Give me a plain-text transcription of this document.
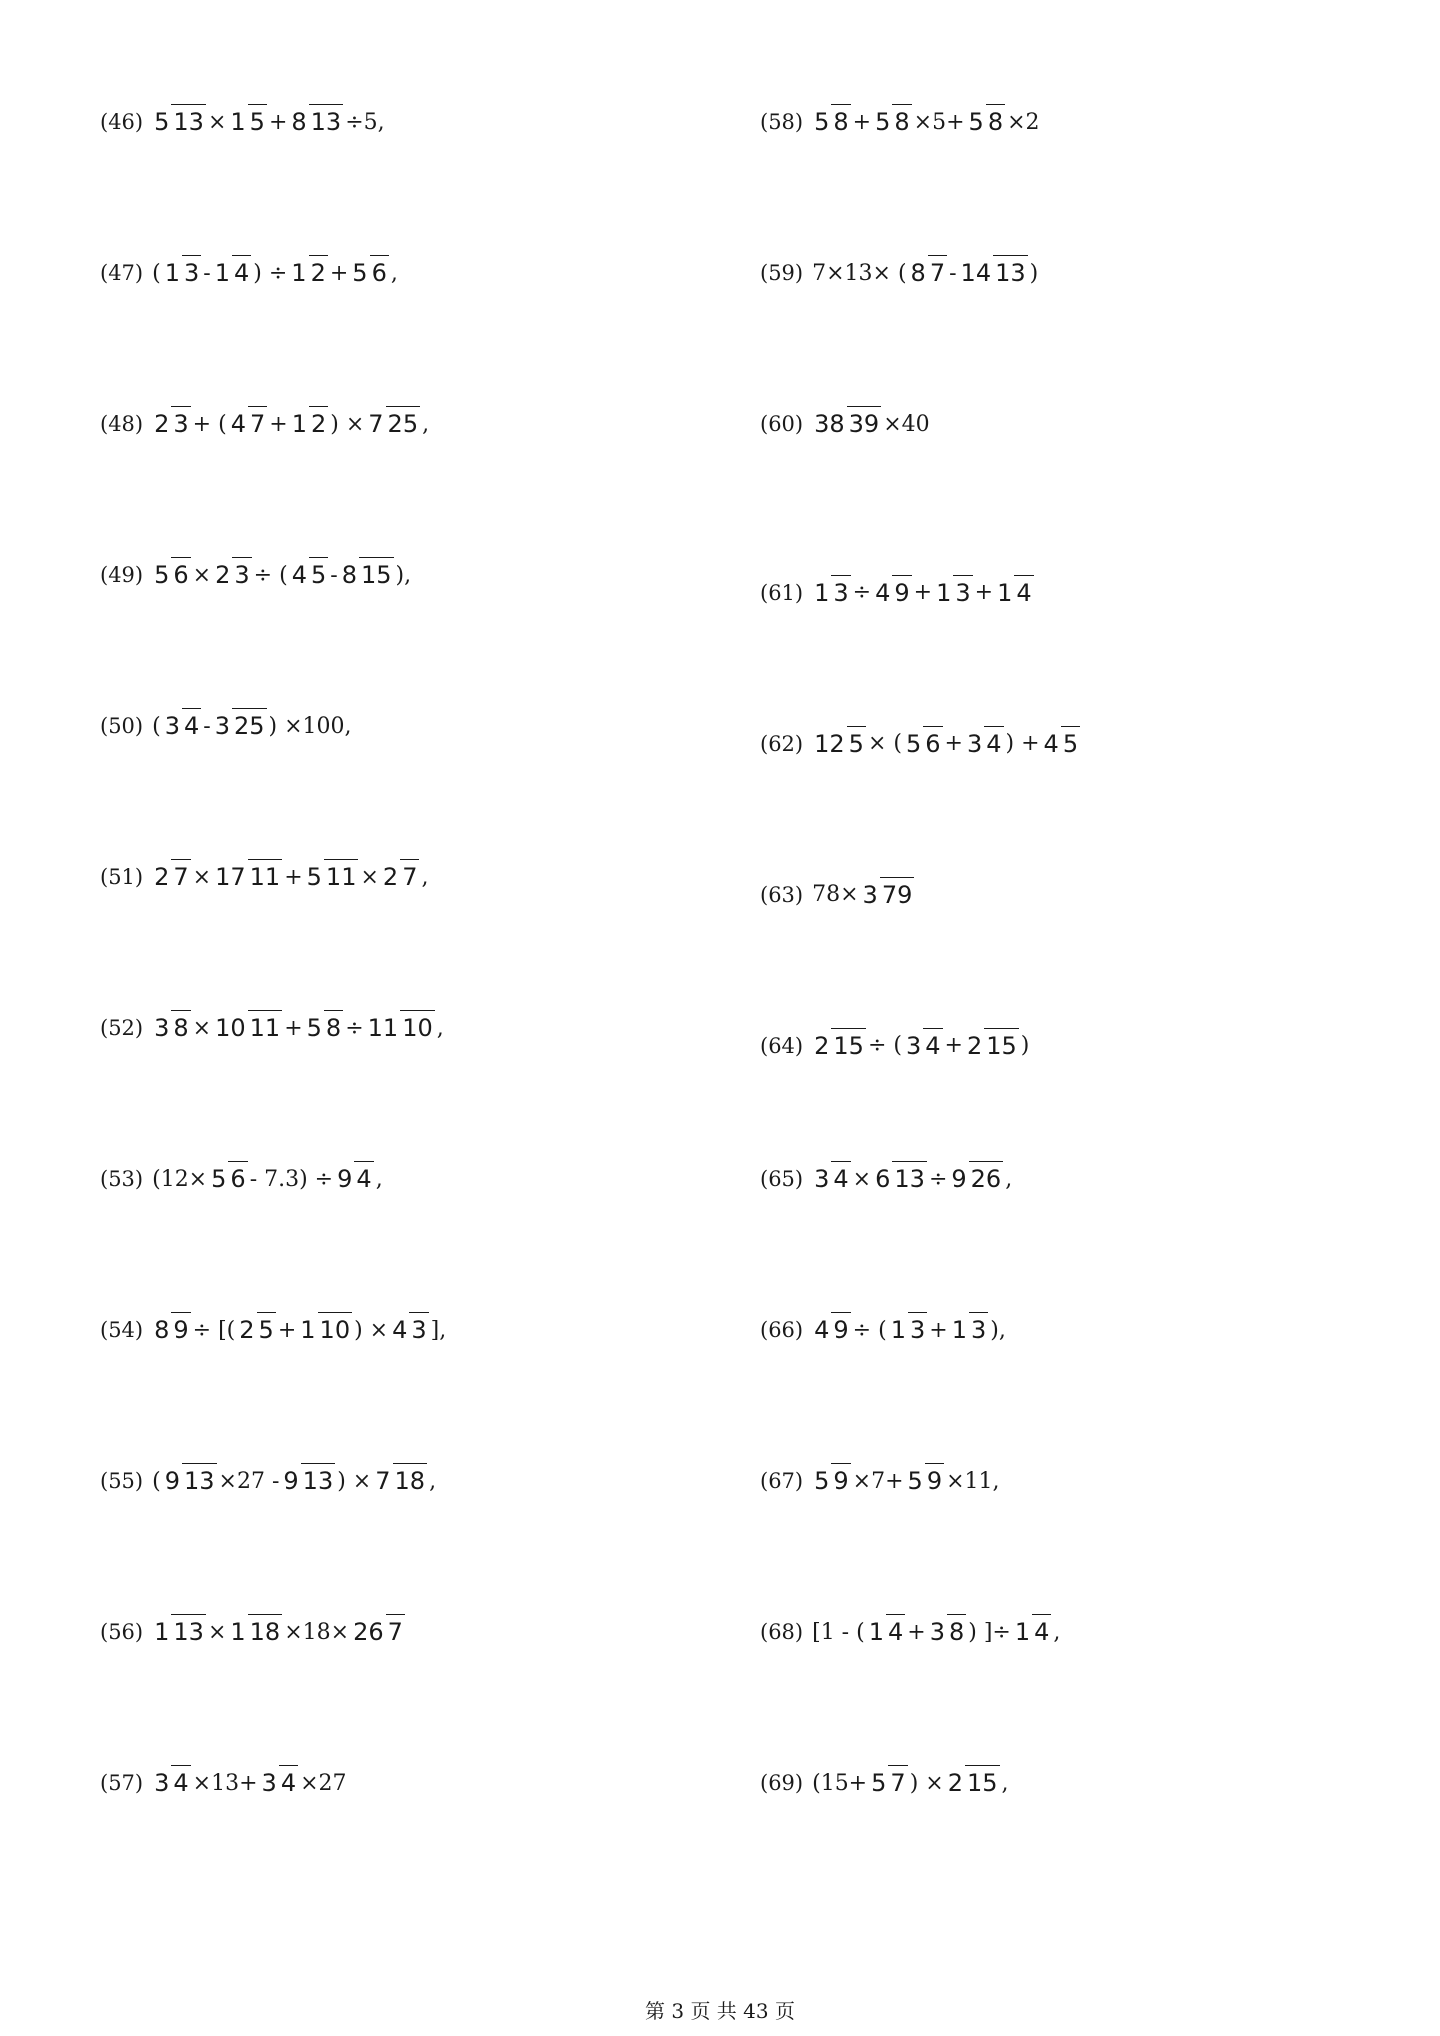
(46) 5 13 × 1 5 + 8 13 ÷5,
(47) ( 1 3 - 1 4 ) ÷ 1 2 + 5 6 ,
(48) 2 3 + ( 4 7 + 1 2 ) × 7 25 ,
(49) 5 6 × 2 3 ÷ ( 4 5 - 8 15 ),
(50) ( 3 4 - 3 25 ) ×100,
(51) 2 7 × 17 11 + 5 11 × 2 7 ,
(52) 3 8 × 10 11 + 5 8 ÷ 11 10 ,
(53) (12× 5 6 - 7.3) ÷ 9 4 ,
(54) 8 9 ÷ [( 2 5 + 1 10 ) × 4 3 ],
(55) ( 9 13 ×27 - 9 13 ) × 7 18 ,
(56) 1 13 × 1 18 ×18× 26 7
(57) 3 4 ×13+ 3 4 ×27
(58) 5 8 + 5 8 ×5+ 5 8 ×2
(59) 7×13× ( 8 7 - 14 13 )
(60) 38 39 ×40
(61) 1 3 ÷ 4 9 + 1 3 + 1 4
(62) 12 5 × ( 5 6 + 3 4 ) + 4 5
(63) 78× 3 79
(64) 2 15 ÷ ( 3 4 + 2 15 )
(65) 3 4 × 6 13 ÷ 9 26 ,
(66) 4 9 ÷ ( 1 3 + 1 3 ),
(67) 5 9 ×7+ 5 9 ×11,
(68) [1 - ( 1 4 + 3 8 ) ]÷ 1 4 ,
(69) (15+ 5 7 ) × 2 15 ,
第 3 页 共 43 页
